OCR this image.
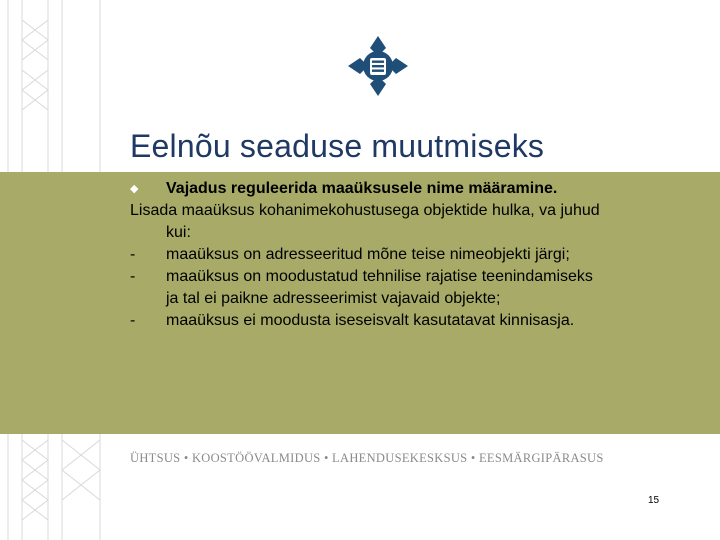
Eelnõu seaduse muutmiseks
◆ Vajadus reguleerida maaüksusele nime määramine.
Lisada maaüksus kohanimekohustusega objektide hulka, va juhud
kui:
- maaüksus on adresseeritud mõne teise nimeobjekti järgi;
- maaüksus on moodustatud tehnilise rajatise teenindamiseks
ja tal ei paikne adresseerimist vajavaid objekte;
- maaüksus ei moodusta iseseisvalt kasutatavat kinnisasja.
ÜHTSUS • KOOSTÖÖVALMIDUS • LAHENDUSEKESKSUS • EESMÄRGIPÄRASUS
15
